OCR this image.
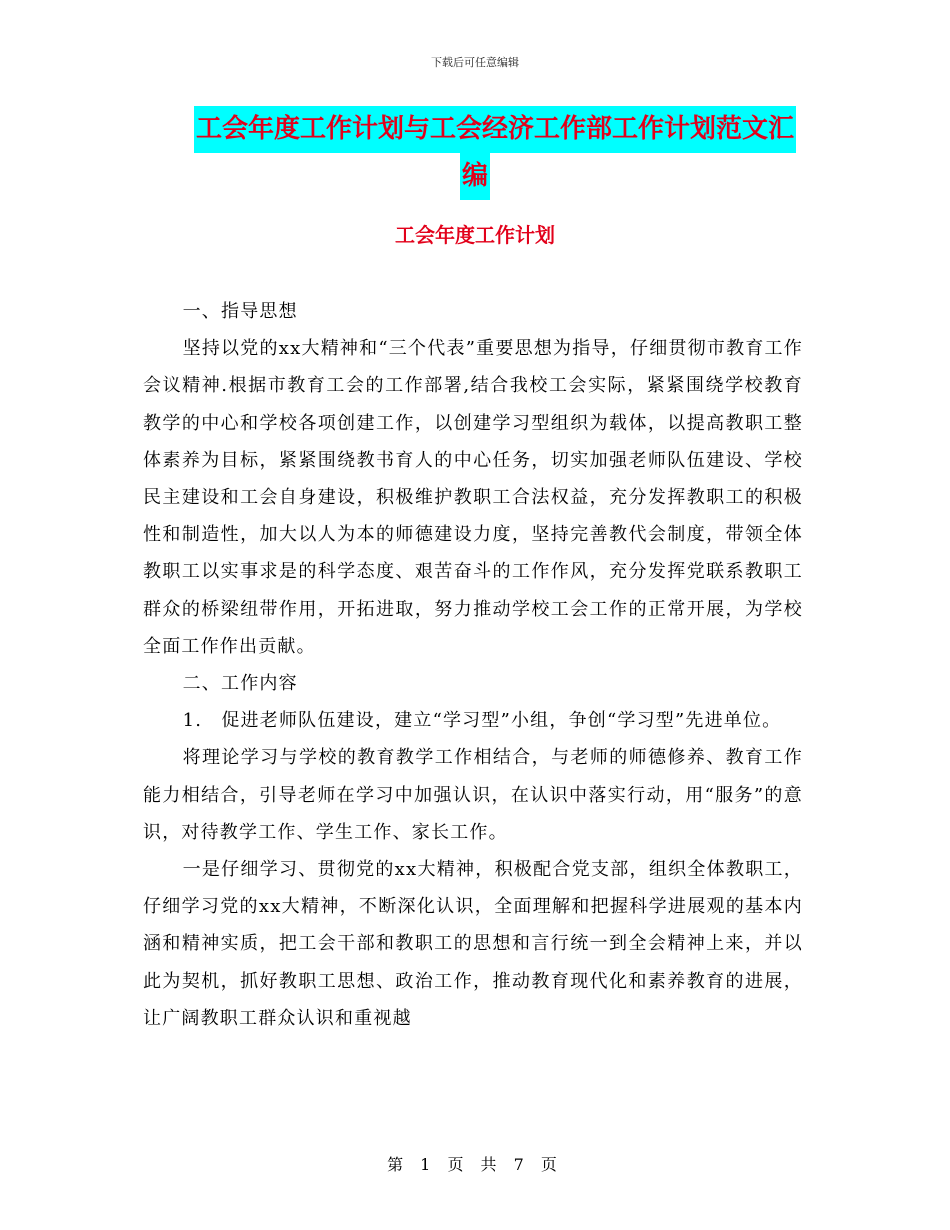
下载后可任意编辑
工会年度工作计划与工会经济工作部工作计划范文汇
编
工会年度工作计划

一、指导思想

坚持以党的xx大精神和“三个代表”重要思想为指导，仔细贯彻市教育工作会议精神.根据市教育工会的工作部署,结合我校工会实际，紧紧围绕学校教育教学的中心和学校各项创建工作，以创建学习型组织为载体，以提高教职工整体素养为目标，紧紧围绕教书育人的中心任务，切实加强老师队伍建设、学校民主建设和工会自身建设，积极维护教职工合法权益，充分发挥教职工的积极性和制造性，加大以人为本的师德建设力度，坚持完善教代会制度，带领全体教职工以实事求是的科学态度、艰苦奋斗的工作作风，充分发挥党联系教职工群众的桥梁纽带作用，开拓进取，努力推动学校工会工作的正常开展，为学校全面工作作出贡献。

二、工作内容

1.　促进老师队伍建设，建立“学习型”小组，争创“学习型”先进单位。

将理论学习与学校的教育教学工作相结合，与老师的师德修养、教育工作能力相结合，引导老师在学习中加强认识，在认识中落实行动，用“服务”的意识，对待教学工作、学生工作、家长工作。

一是仔细学习、贯彻党的xx大精神，积极配合党支部，组织全体教职工，仔细学习党的xx大精神，不断深化认识，全面理解和把握科学进展观的基本内涵和精神实质，把工会干部和教职工的思想和言行统一到全会精神上来，并以此为契机，抓好教职工思想、政治工作，推动教育现代化和素养教育的进展，让广阔教职工群众认识和重视越

第 1 页 共 7 页
